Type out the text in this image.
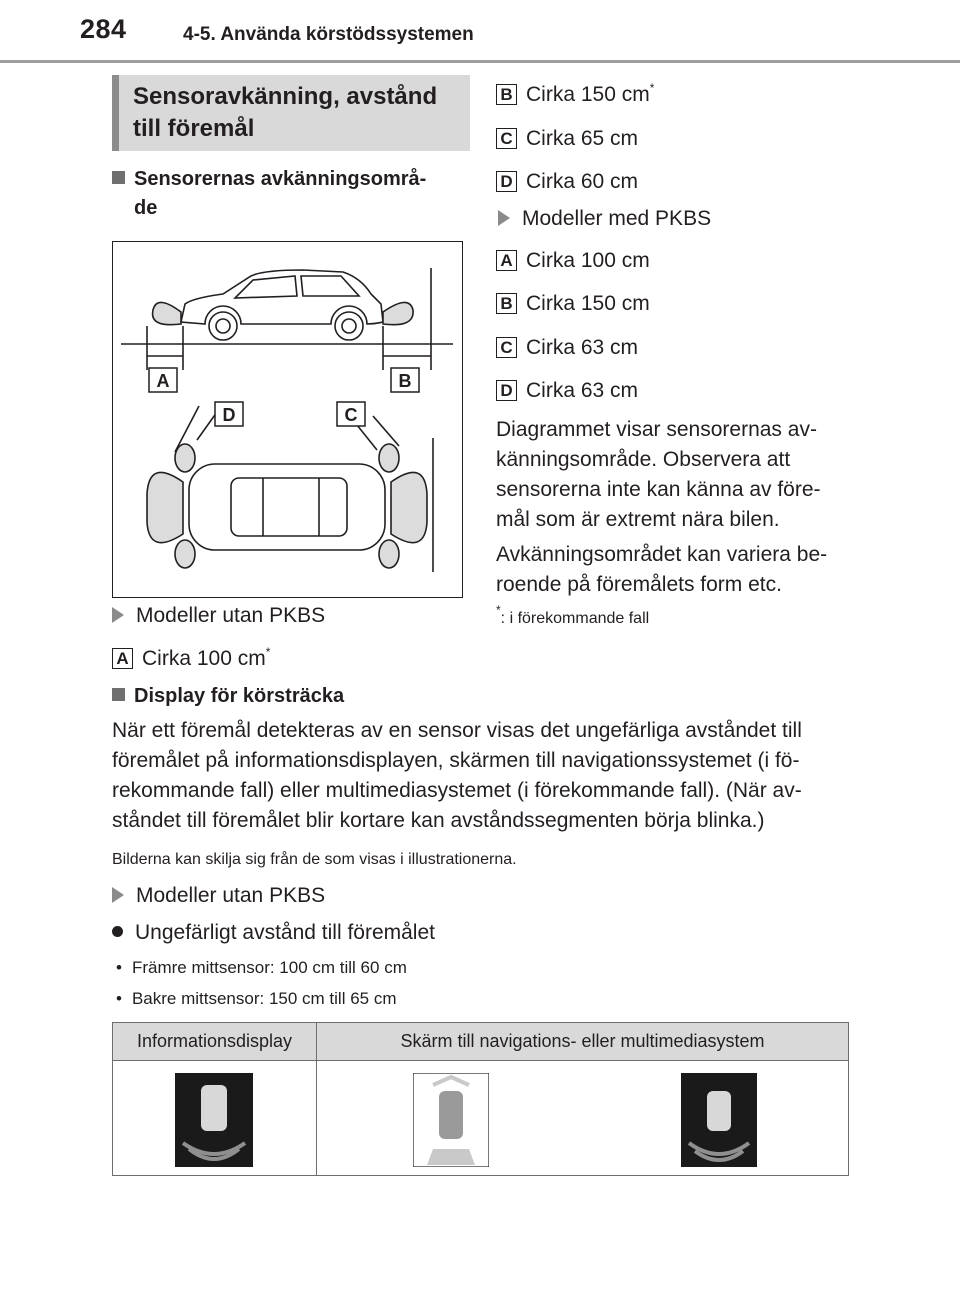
284	4-5. Använda körstödssystemen
Sensoravkänning, avstånd
till föremål
Sensorernas avkänningsområ-
de
A	B
D	C
Modeller utan PKBS
A Cirka 100 cm*
B Cirka 150 cm*
C Cirka 65 cm
D Cirka 60 cm
Modeller med PKBS
A Cirka 100 cm
B Cirka 150 cm
C Cirka 63 cm
D Cirka 63 cm
Diagrammet visar sensorernas av-
känningsområde. Observera att
sensorerna inte kan känna av före-
mål som är extremt nära bilen.
Avkänningsområdet kan variera be-
roende på föremålets form etc.
*: i förekommande fall
Display för körsträcka
När ett föremål detekteras av en sensor visas det ungefärliga avståndet till
föremålet på informationsdisplayen, skärmen till navigationssystemet (i fö-
rekommande fall) eller multimediasystemet (i förekommande fall). (När av-
ståndet till föremålet blir kortare kan avståndssegmenten börja blinka.)
Bilderna kan skilja sig från de som visas i illustrationerna.
Modeller utan PKBS
Ungefärligt avstånd till föremålet
• Främre mittsensor: 100 cm till 60 cm
• Bakre mittsensor: 150 cm till 65 cm
Informationsdisplay	Skärm till navigations- eller multimediasystem
